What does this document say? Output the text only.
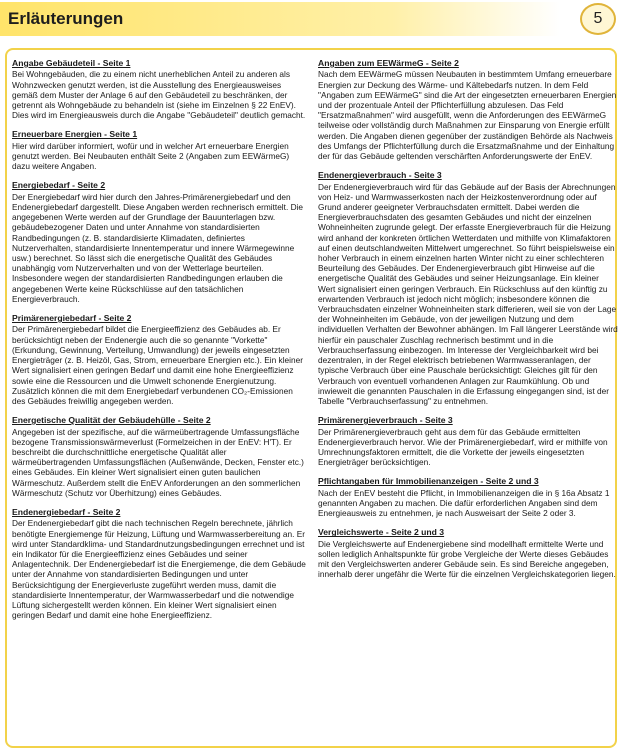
Erläuterungen	5
Angabe Gebäudeteil - Seite 1

Bei Wohngebäuden, die zu einem nicht unerheblichen Anteil zu anderen als Wohnzwecken genutzt werden, ist die Ausstellung des Energieausweises gemäß dem Muster der Anlage 6 auf den Gebäudeteil zu beschränken, der getrennt als Wohngebäude zu behandeln ist (siehe im Einzelnen § 22 EnEV). Dies wird im Energieausweis durch die Angabe "Gebäudeteil" deutlich gemacht.

Erneuerbare Energien - Seite 1

Hier wird darüber informiert, wofür und in welcher Art erneuerbare Energien genutzt werden. Bei Neubauten enthält Seite 2 (Angaben zum EEWärmeG) dazu weitere Angaben.

Energiebedarf - Seite 2

Der Energiebedarf wird hier durch den Jahres-Primärenergiebedarf und den Endenergiebedarf dargestellt. Diese Angaben werden rechnerisch ermittelt. Die angegebenen Werte werden auf der Grundlage der Bauunterlagen bzw. gebäudebezogener Daten und unter Annahme von standardisierten Randbedingungen (z. B. standardisierte Klimadaten, definiertes Nutzerverhalten, standardisierte Innentemperatur und innere Wärmegewinne usw.) berechnet. So lässt sich die energetische Qualität des Gebäudes unabhängig vom Nutzerverhalten und von der Wetterlage beurteilen. Insbesondere wegen der standardisierten Randbedingungen erlauben die angegebenen Werte keine Rückschlüsse auf den tatsächlichen Energieverbrauch.

Primärenergiebedarf - Seite 2

Der Primärenergiebedarf bildet die Energieeffizienz des Gebäudes ab. Er berücksichtigt neben der Endenergie auch die so genannte "Vorkette" (Erkundung, Gewinnung, Verteilung, Umwandlung) der jeweils eingesetzten Energieträger (z. B. Heizöl, Gas, Strom, erneuerbare Energien etc.). Ein kleiner Wert signalisiert einen geringen Bedarf und damit eine hohe Energieeffizienz sowie eine die Ressourcen und die Umwelt schonende Energienutzung. Zusätzlich können die mit dem Energiebedarf verbundenen CO₂-Emissionen des Gebäudes freiwillig angegeben werden.

Energetische Qualität der Gebäudehülle - Seite 2

Angegeben ist der spezifische, auf die wärmeübertragende Umfassungsfläche bezogene Transmissionswärmeverlust (Formelzeichen in der EnEV: H'T). Er beschreibt die durchschnittliche energetische Qualität aller wärmeübertragenden Umfassungsflächen (Außenwände, Decken, Fenster etc.) eines Gebäudes. Ein kleiner Wert signalisiert einen guten baulichen Wärmeschutz. Außerdem stellt die EnEV Anforderungen an den sommerlichen Wärmeschutz (Schutz vor Überhitzung) eines Gebäudes.

Endenergiebedarf - Seite 2

Der Endenergiebedarf gibt die nach technischen Regeln berechnete, jährlich benötigte Energiemenge für Heizung, Lüftung und Warmwasserbereitung an. Er wird unter Standardklima- und Standardnutzungsbedingungen errechnet und ist ein Indikator für die Energieeffizienz eines Gebäudes und seiner Anlagentechnik. Der Endenergiebedarf ist die Energiemenge, die dem Gebäude unter der Annahme von standardisierten Bedingungen und unter Berücksichtigung der Energieverluste zugeführt werden muss, damit die standardisierte Innentemperatur, der Warmwasserbedarf und die notwendige Lüftung sichergestellt werden können. Ein kleiner Wert signalisiert einen geringen Bedarf und damit eine hohe Energieeffizienz.

Angaben zum EEWärmeG - Seite 2

Nach dem EEWärmeG müssen Neubauten in bestimmtem Umfang erneuerbare Energien zur Deckung des Wärme- und Kältebedarfs nutzen. In dem Feld "Angaben zum EEWärmeG" sind die Art der eingesetzten erneuerbaren Energien und der prozentuale Anteil der Pflichterfüllung abzulesen. Das Feld "Ersatzmaßnahmen" wird ausgefüllt, wenn die Anforderungen des EEWärmeG teilweise oder vollständig durch Maßnahmen zur Einsparung von Energie erfüllt werden. Die Angaben dienen gegenüber der zuständigen Behörde als Nachweis des Umfangs der Pflichterfüllung durch die Ersatzmaßnahme und der Einhaltung der für das Gebäude geltenden verschärften Anforderungswerte der EnEV.

Endenergieverbrauch - Seite 3

Der Endenergieverbrauch wird für das Gebäude auf der Basis der Abrechnungen von Heiz- und Warmwasserkosten nach der Heizkostenverordnung oder auf Grund anderer geeigneter Verbrauchsdaten ermittelt. Dabei werden die Energieverbrauchsdaten des gesamten Gebäudes und nicht der einzelnen Wohneinheiten zugrunde gelegt. Der erfasste Energieverbrauch für die Heizung wird anhand der konkreten örtlichen Wetterdaten und mithilfe von Klimafaktoren auf einen deutschlandweiten Mittelwert umgerechnet. So führt beispielsweise ein hoher Verbrauch in einem einzelnen harten Winter nicht zu einer schlechteren Beurteilung des Gebäudes. Der Endenergieverbrauch gibt Hinweise auf die energetische Qualität des Gebäudes und seiner Heizungsanlage. Ein kleiner Wert signalisiert einen geringen Verbrauch. Ein Rückschluss auf den künftig zu erwartenden Verbrauch ist jedoch nicht möglich; insbesondere können die Verbrauchsdaten einzelner Wohneinheiten stark differieren, weil sie von der Lage der Wohneinheiten im Gebäude, von der jeweiligen Nutzung und dem individuellen Verhalten der Bewohner abhängen. Im Fall längerer Leerstände wird hierfür ein pauschaler Zuschlag rechnerisch bestimmt und in die Verbrauchserfassung einbezogen. Im Interesse der Vergleichbarkeit wird bei dezentralen, in der Regel elektrisch betriebenen Warmwasseranlagen, der typische Verbrauch über eine Pauschale berücksichtigt: Gleiches gilt für den Verbrauch von eventuell vorhandenen Anlagen zur Raumkühlung. Ob und inwieweit die genannten Pauschalen in die Erfassung eingegangen sind, ist der Tabelle "Verbrauchserfassung" zu entnehmen.

Primärenergieverbrauch - Seite 3

Der Primärenergieverbrauch geht aus dem für das Gebäude ermittelten Endenergieverbrauch hervor. Wie der Primärenergiebedarf, wird er mithilfe von Umrechnungsfaktoren ermittelt, die die Vorkette der jeweils eingesetzten Energieträger berücksichtigen.

Pflichtangaben für Immobilienanzeigen - Seite 2 und 3

Nach der EnEV besteht die Pflicht, in Immobilienanzeigen die in § 16a Absatz 1 genannten Angaben zu machen. Die dafür erforderlichen Angaben sind dem Energieausweis zu entnehmen, je nach Ausweisart der Seite 2 oder 3.

Vergleichswerte - Seite 2 und 3

Die Vergleichswerte auf Endenergiebene sind modellhaft ermittelte Werte und sollen lediglich Anhaltspunkte für grobe Vergleiche der Werte dieses Gebäudes mit den Vergleichswerten anderer Gebäude sein. Es sind Bereiche angegeben, innerhalb derer ungefähr die Werte für die einzelnen Vergleichskategorien liegen.
